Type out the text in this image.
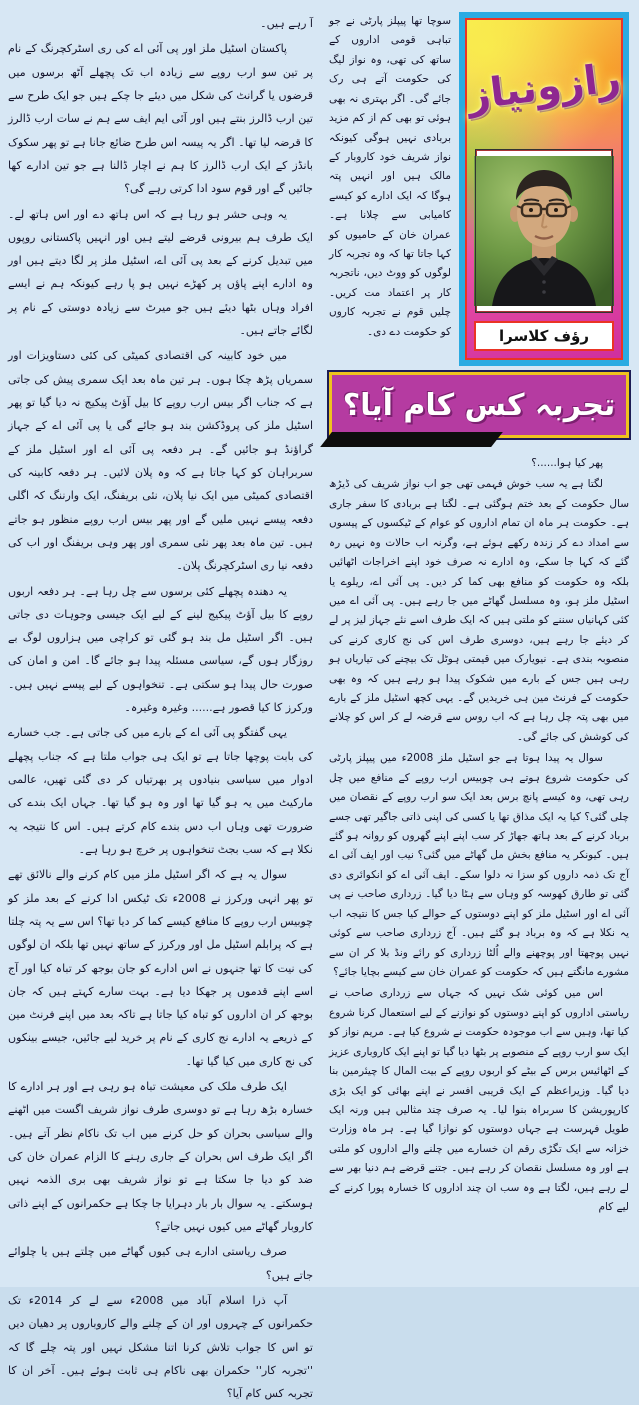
رازونیاز
رؤف کلاسرا

سوچا تھا پیپلز پارٹی نے جو تباہی قومی اداروں کے ساتھ کی تھی، وہ نواز لیگ کی حکومت آتے ہی رک جائے گی۔ اگر بہتری نہ بھی ہوئی تو بھی کم از کم مزید بربادی نہیں ہوگی کیونکہ نواز شریف خود کاروبار کے مالک ہیں اور انہیں پتہ ہوگا کہ ایک ادارے کو کیسے کامیابی سے چلانا ہے۔ عمران خان کے حامیوں کو کہا جاتا تھا کہ وہ تجربہ کار لوگوں کو ووٹ دیں، ناتجربہ کار پر اعتماد مت کریں۔ چلیں قوم نے تجربہ کاروں کو حکومت دے دی۔

تجربہ کس کام آیا؟

پھر کیا ہوا......؟

لگتا ہے یہ سب خوش فہمی تھی جو اب نواز شریف کی ڈیڑھ سال حکومت کے بعد ختم ہوگئی ہے۔ لگتا ہے بربادی کا سفر جاری ہے۔ حکومت ہر ماہ ان تمام اداروں کو عوام کے ٹیکسوں کے پیسوں سے امداد دے کر زندہ رکھے ہوئے ہے، وگرنہ اب حالات وہ نہیں رہ گئے کہ کہا جا سکے، وہ ادارے نہ صرف خود اپنے اخراجات اٹھائیں بلکہ وہ حکومت کو منافع بھی کما کر دیں۔ پی آئی اے، ریلوے یا اسٹیل ملز ہو، وہ مسلسل گھاٹے میں جا رہے ہیں۔ پی آئی اے میں کئی کہانیاں سننے کو ملتی ہیں کہ ایک طرف اسے نئے جہاز لیز پر لے کر دیئے جا رہے ہیں، دوسری طرف اس کی نج کاری کرنے کی منصوبہ بندی ہے۔ نیویارک میں قیمتی ہوٹل تک بیچنے کی تیاریاں ہو رہی ہیں جس کے بارے میں شکوک پیدا ہو رہے ہیں کہ وہ بھی حکومت کے فرنٹ مین ہی خریدیں گے۔ یہی کچھ اسٹیل ملز کے بارے میں بھی پتہ چل رہا ہے کہ اب روس سے قرضہ لے کر اس کو چلانے کی کوشش کی جائے گی۔

سوال یہ پیدا ہوتا ہے جو اسٹیل ملز 2008ء میں پیپلز پارٹی کی حکومت شروع ہوتے ہی چوبیس ارب روپے کے منافع میں چل رہی تھی، وہ کیسے پانچ برس بعد ایک سو ارب روپے کے نقصان میں چلی گئی؟ کیا یہ ایک مذاق تھا یا کسی کی اپنی ذاتی جاگیر تھی جسے برباد کرنے کے بعد ہاتھ جھاڑ کر سب اپنے اپنے گھروں کو روانہ ہو گئے ہیں۔ کیونکر یہ منافع بخش مل گھاٹے میں گئی؟ نیب اور ایف آئی اے آج تک ذمہ داروں کو سزا نہ دلوا سکے۔ ایف آئی اے کو انکوائری دی گئی تو طارق کھوسہ کو وہاں سے ہٹا دیا گیا۔ زرداری صاحب نے پی آئی اے اور اسٹیل ملز کو اپنے دوستوں کے حوالے کیا جس کا نتیجہ اب یہ نکلا ہے کہ وہ برباد ہو گئے ہیں۔ آج زرداری صاحب سے کوئی نہیں پوچھتا اور پوچھنے والے اُلٹا زرداری کو رائے ونڈ بلا کر ان سے مشورے مانگتے ہیں کہ حکومت کو عمران خان سے کیسے بچایا جائے؟

اس میں کوئی شک نہیں کہ جہاں سے زرداری صاحب نے ریاستی اداروں کو اپنے دوستوں کو نوازنے کے لیے استعمال کرنا شروع کیا تھا، وہیں سے اب موجودہ حکومت نے شروع کیا ہے۔ مریم نواز کو ایک سو ارب روپے کے منصوبے پر بٹھا دیا گیا تو اپنے ایک کاروباری عزیز کے اٹھائیس برس کے بیٹے کو اربوں روپے کے بیت المال کا چیئرمین بنا دیا گیا۔ وزیراعظم کے ایک قریبی افسر نے اپنے بھائی کو ایک بڑی کارپوریشن کا سربراہ بنوا لیا۔ یہ صرف چند مثالیں ہیں ورنہ ایک طویل فہرست ہے جہاں دوستوں کو نوازا گیا ہے۔ ہر ماہ وزارت خزانہ سے ایک تگڑی رقم ان خسارے میں چلنے والے اداروں کو ملتی ہے اور وہ مسلسل نقصان کر رہے ہیں۔ جتنے قرضے ہم دنیا بھر سے لے رہے ہیں، لگتا ہے وہ سب ان چند اداروں کا خسارہ پورا کرنے کے لیے کام

آ رہے ہیں۔

پاکستان اسٹیل ملز اور پی آئی اے کی ری اسٹرکچرنگ کے نام پر تین سو ارب روپے سے زیادہ اب تک پچھلے آٹھ برسوں میں قرضوں یا گرانٹ کی شکل میں دیئے جا چکے ہیں جو ایک طرح سے تین ارب ڈالرز بنتے ہیں اور آئی ایم ایف سے ہم نے سات ارب ڈالرز کا قرضہ لیا تھا۔ اگر یہ پیسہ اس طرح ضائع جانا ہے تو پھر سکوک بانڈز کے ایک ارب ڈالرز کا ہم نے اچار ڈالنا ہے جو تین ادارے کھا جائیں گے اور قوم سود ادا کرتی رہے گی؟

یہ وہی حشر ہو رہا ہے کہ اس ہاتھ دے اور اس ہاتھ لے۔ ایک طرف ہم بیرونی قرضے لیتے ہیں اور انہیں پاکستانی روپوں میں تبدیل کرنے کے بعد پی آئی اے، اسٹیل ملز پر لگا دیتے ہیں اور وہ ادارے اپنے پاؤں پر کھڑے نہیں ہو پا رہے کیونکہ ہم نے ایسے افراد وہاں بٹھا دیئے ہیں جو میرٹ سے زیادہ دوستی کے نام پر لگائے جاتے ہیں۔

میں خود کابینہ کی اقتصادی کمیٹی کی کئی دستاویزات اور سمریاں پڑھ چکا ہوں۔ ہر تین ماہ بعد ایک سمری پیش کی جاتی ہے کہ جناب اگر بیس ارب روپے کا بیل آؤٹ پیکیج نہ دیا گیا تو پھر اسٹیل ملز کی پروڈکشن بند ہو جائے گی یا پی آئی اے کے جہاز گراؤنڈ ہو جائیں گے۔ ہر دفعہ پی آئی اے اور اسٹیل ملز کے سربراہان کو کہا جاتا ہے کہ وہ پلان لائیں۔ ہر دفعہ کابینہ کی اقتصادی کمیٹی میں ایک نیا پلان، نئی بریفنگ، ایک وارننگ کہ اگلی دفعہ پیسے نہیں ملیں گے اور پھر بیس ارب روپے منظور ہو جاتے ہیں۔ تین ماہ بعد پھر نئی سمری اور پھر وہی بریفنگ اور اب کی دفعہ نیا ری اسٹرکچرنگ پلان۔

یہ دھندہ پچھلے کئی برسوں سے چل رہا ہے۔ ہر دفعہ اربوں روپے کا بیل آؤٹ پیکیج لینے کے لیے ایک جیسی وجوہات دی جاتی ہیں۔ اگر اسٹیل مل بند ہو گئی تو کراچی میں ہزاروں لوگ بے روزگار ہوں گے، سیاسی مسئلہ پیدا ہو جائے گا۔ امن و امان کی صورت حال پیدا ہو سکتی ہے۔ تنخواہوں کے لیے پیسے نہیں ہیں۔ ورکرز کا کیا قصور ہے...... وغیرہ وغیرہ۔

یہی گفتگو پی آئی اے کے بارے میں کی جاتی ہے۔ جب خسارے کی بابت پوچھا جاتا ہے تو ایک ہی جواب ملتا ہے کہ جناب پچھلے ادوار میں سیاسی بنیادوں پر بھرتیاں کر دی گئی تھیں، عالمی مارکیٹ میں یہ ہو گیا تھا اور وہ ہو گیا تھا۔ جہاں ایک بندے کی ضرورت تھی وہاں اب دس بندے کام کرتے ہیں۔ اس کا نتیجہ یہ نکلا ہے کہ سب بجٹ تنخواہوں پر خرچ ہو رہا ہے۔

سوال یہ ہے کہ اگر اسٹیل ملز میں کام کرنے والے نالائق تھے تو پھر انہی ورکرز نے 2008ء تک ٹیکس ادا کرنے کے بعد ملز کو چوبیس ارب روپے کا منافع کیسے کما کر دیا تھا؟ اس سے یہ پتہ چلتا ہے کہ پرابلم اسٹیل مل اور ورکرز کے ساتھ نہیں تھا بلکہ ان لوگوں کی نیت کا تھا جنہوں نے اس ادارے کو جان بوجھ کر تباہ کیا اور آج اسے اپنے قدموں پر جھکا دیا ہے۔ بہت سارے کہتے ہیں کہ جان بوجھ کر ان اداروں کو تباہ کیا جاتا ہے تاکہ بعد میں اپنے فرنٹ مین کے ذریعے یہ ادارے نج کاری کے نام پر خرید لیے جائیں، جیسے بینکوں کی نج کاری میں کیا گیا تھا۔

ایک طرف ملک کی معیشت تباہ ہو رہی ہے اور ہر ادارے کا خسارہ بڑھ رہا ہے تو دوسری طرف نواز شریف اگست میں اٹھنے والے سیاسی بحران کو حل کرنے میں اب تک ناکام نظر آتے ہیں۔ اگر ایک طرف اس بحران کے جاری رہنے کا الزام عمران خان کی ضد کو دیا جا سکتا ہے تو نواز شریف بھی بری الذمہ نہیں ہوسکتے۔ یہ سوال بار بار دہرایا جا چکا ہے حکمرانوں کے اپنے ذاتی کاروبار گھاٹے میں کیوں نہیں جاتے؟

صرف ریاستی ادارے ہی کیوں گھاٹے میں چلتے ہیں یا چلوائے جاتے ہیں؟

آپ ذرا اسلام آباد میں 2008ء سے لے کر 2014ء تک حکمرانوں کے چہروں اور ان کے چلنے والے کاروباروں پر دھیان دیں تو اس کا جواب تلاش کرنا اتنا مشکل نہیں اور پتہ چلے گا کہ ''تجربہ کار'' حکمران بھی ناکام ہی ثابت ہوئے ہیں۔ آخر ان کا تجربہ کس کام آیا؟
